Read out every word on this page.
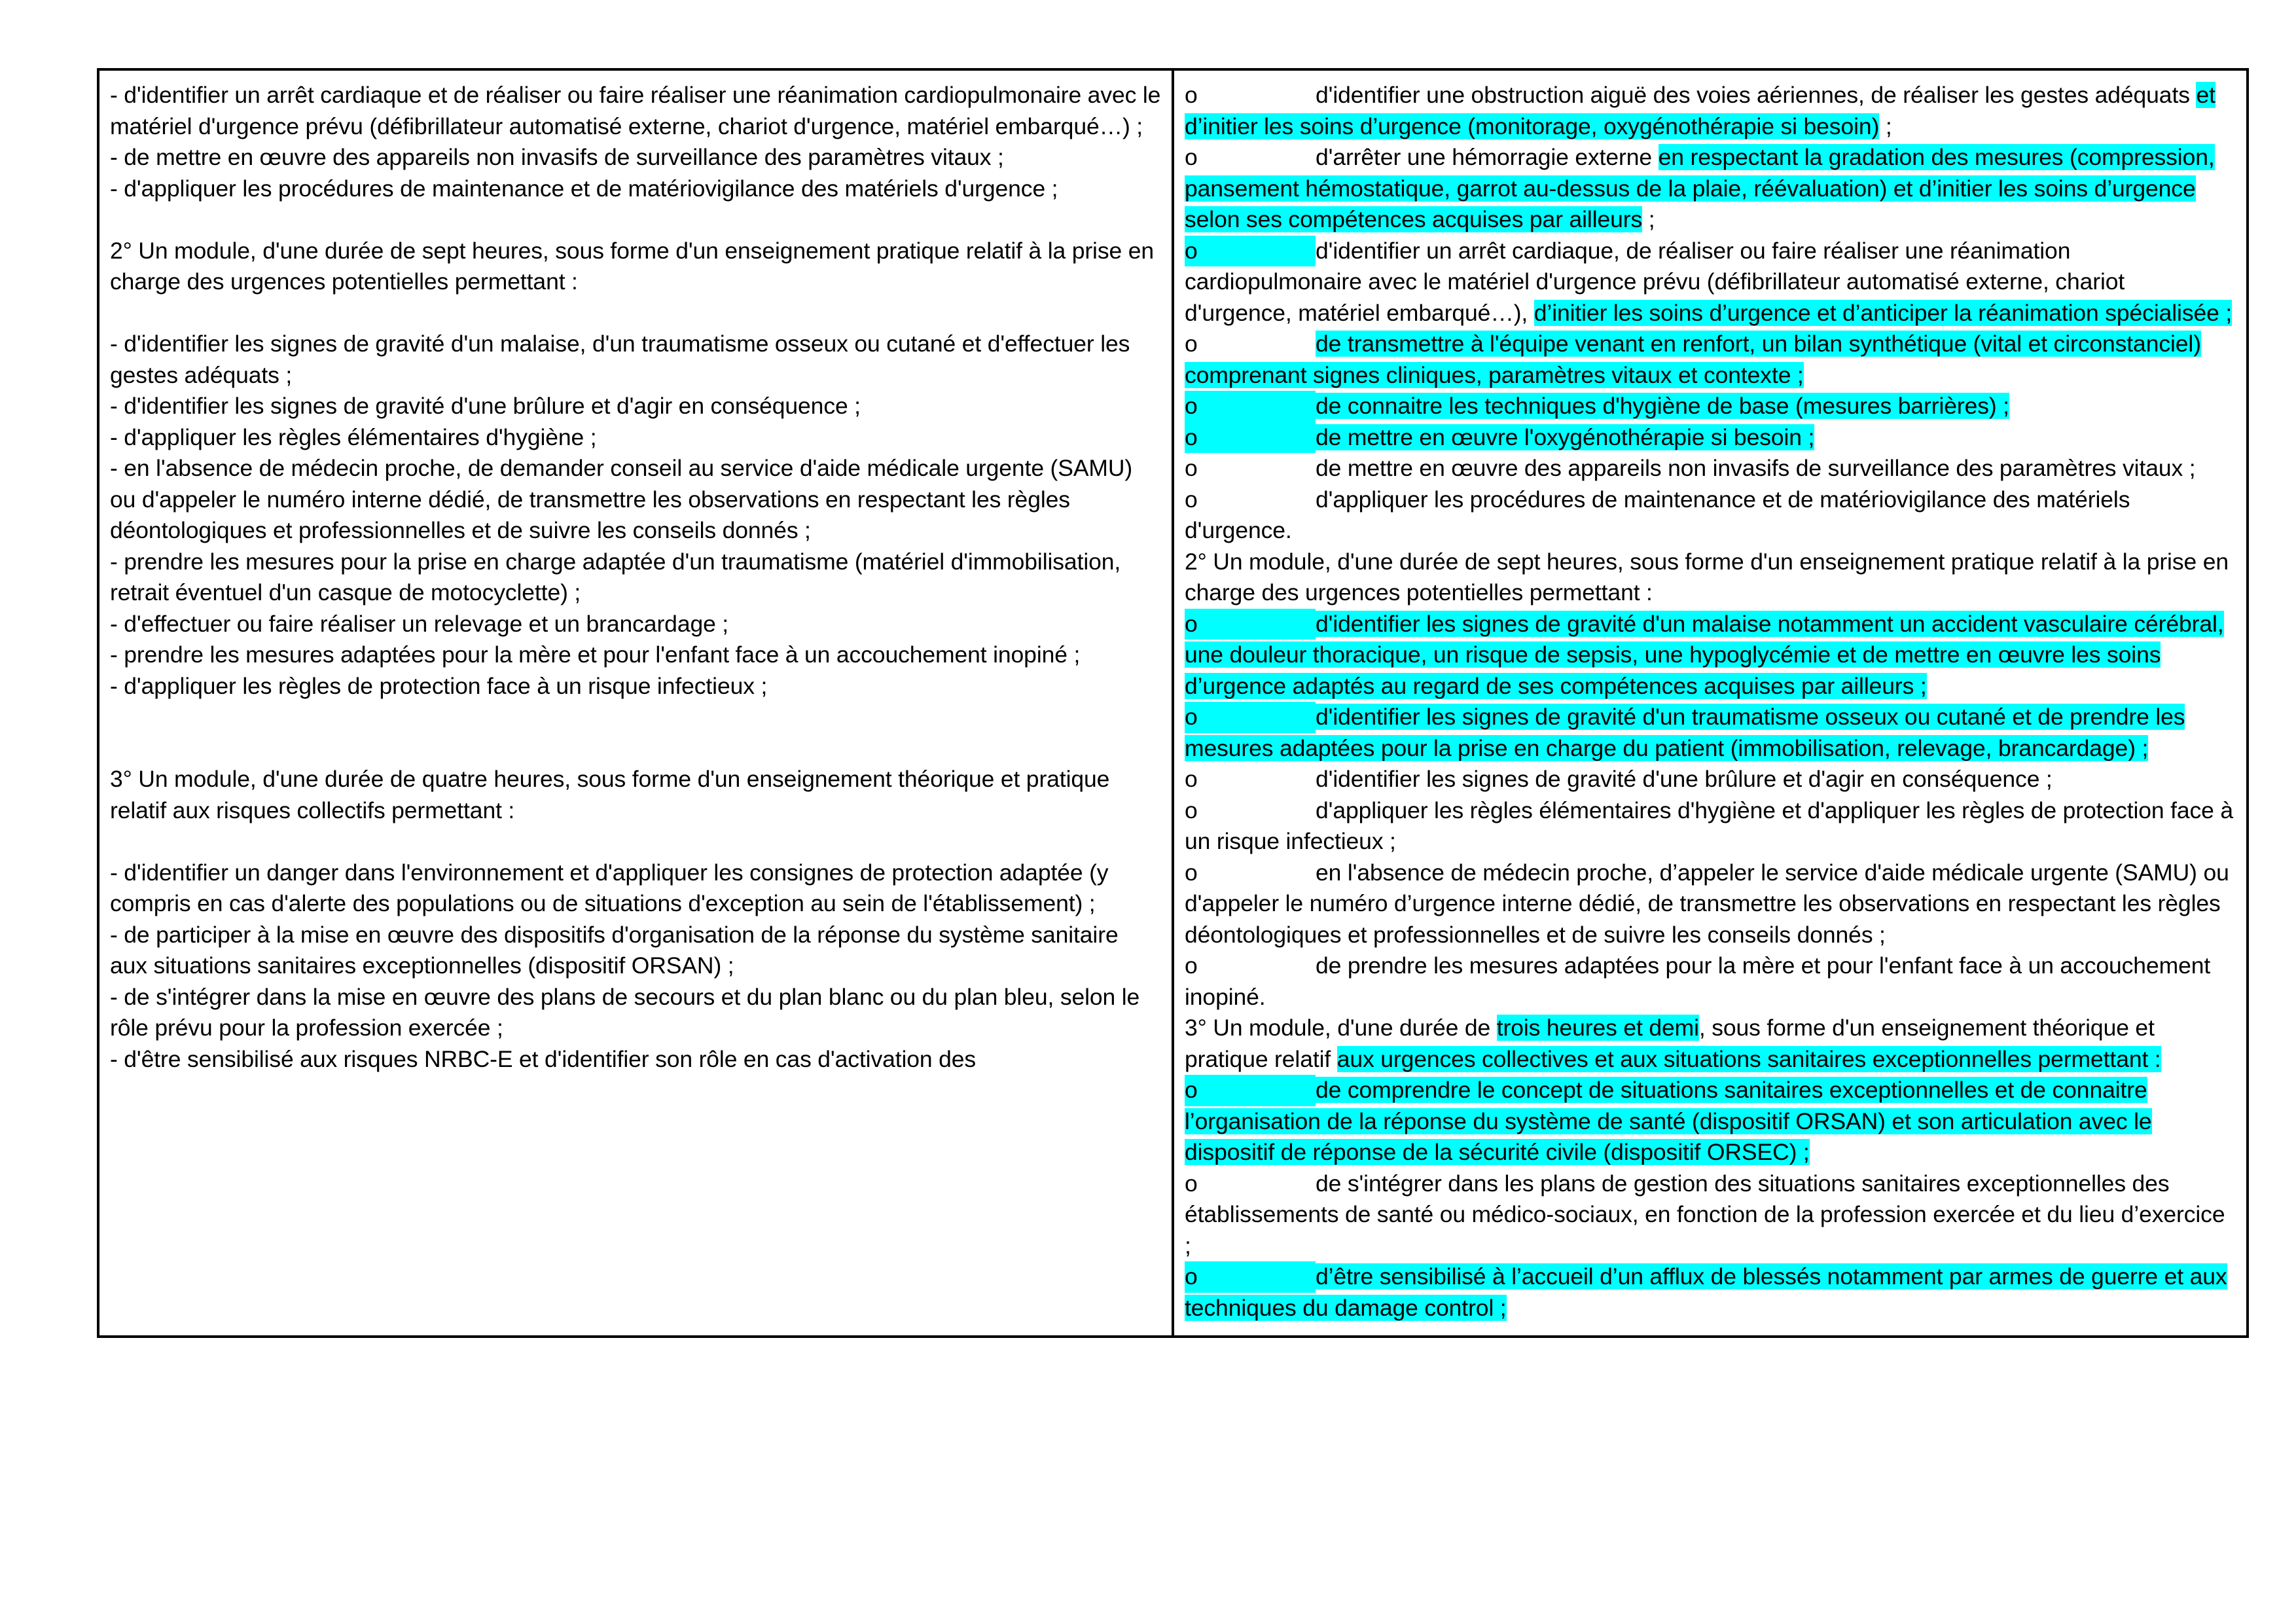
- d'identifier un arrêt cardiaque et de réaliser ou faire réaliser une réanimation cardiopulmonaire avec le matériel d'urgence prévu (défibrillateur automatisé externe, chariot d'urgence, matériel embarqué…) ;
- de mettre en œuvre des appareils non invasifs de surveillance des paramètres vitaux ;
- d'appliquer les procédures de maintenance et de matériovigilance des matériels d'urgence ;
2° Un module, d'une durée de sept heures, sous forme d'un enseignement pratique relatif à la prise en charge des urgences potentielles permettant :
- d'identifier les signes de gravité d'un malaise, d'un traumatisme osseux ou cutané et d'effectuer les gestes adéquats ;
- d'identifier les signes de gravité d'une brûlure et d'agir en conséquence ;
- d'appliquer les règles élémentaires d'hygiène ;
- en l'absence de médecin proche, de demander conseil au service d'aide médicale urgente (SAMU) ou d'appeler le numéro interne dédié, de transmettre les observations en respectant les règles déontologiques et professionnelles et de suivre les conseils donnés ;
- prendre les mesures pour la prise en charge adaptée d'un traumatisme (matériel d'immobilisation, retrait éventuel d'un casque de motocyclette) ;
- d'effectuer ou faire réaliser un relevage et un brancardage ;
- prendre les mesures adaptées pour la mère et pour l'enfant face à un accouchement inopiné ;
- d'appliquer les règles de protection face à un risque infectieux ;
3° Un module, d'une durée de quatre heures, sous forme d'un enseignement théorique et pratique relatif aux risques collectifs permettant :
- d'identifier un danger dans l'environnement et d'appliquer les consignes de protection adaptée (y compris en cas d'alerte des populations ou de situations d'exception au sein de l'établissement) ;
- de participer à la mise en œuvre des dispositifs d'organisation de la réponse du système sanitaire aux situations sanitaires exceptionnelles (dispositif ORSAN) ;
- de s'intégrer dans la mise en œuvre des plans de secours et du plan blanc ou du plan bleu, selon le rôle prévu pour la profession exercée ;
- d'être sensibilisé aux risques NRBC-E et d'identifier son rôle en cas d'activation des

o	d'identifier une obstruction aiguë des voies aériennes, de réaliser les gestes adéquats et d’initier les soins d’urgence (monitorage, oxygénothérapie si besoin) ;
o	d'arrêter une hémorragie externe en respectant la gradation des mesures (compression, pansement hémostatique, garrot au-dessus de la plaie, réévaluation) et d’initier les soins d’urgence selon ses compétences acquises par ailleurs ;
o	d'identifier un arrêt cardiaque, de réaliser ou faire réaliser une réanimation cardiopulmonaire avec le matériel d'urgence prévu (défibrillateur automatisé externe, chariot d'urgence, matériel embarqué…), d’initier les soins d’urgence et d’anticiper la réanimation spécialisée ;
o	de transmettre à l'équipe venant en renfort, un bilan synthétique (vital et circonstanciel) comprenant signes cliniques, paramètres vitaux et contexte ;
o	de connaitre les techniques d'hygiène de base (mesures barrières) ;
o	de mettre en œuvre l'oxygénothérapie si besoin ;
o	de mettre en œuvre des appareils non invasifs de surveillance des paramètres vitaux ;
o	d'appliquer les procédures de maintenance et de matériovigilance des matériels d'urgence.
2° Un module, d'une durée de sept heures, sous forme d'un enseignement pratique relatif à la prise en charge des urgences potentielles permettant :
o	d'identifier les signes de gravité d'un malaise notamment un accident vasculaire cérébral, une douleur thoracique, un risque de sepsis, une hypoglycémie et de mettre en œuvre les soins d’urgence adaptés au regard de ses compétences acquises par ailleurs ;
o	d'identifier les signes de gravité d'un traumatisme osseux ou cutané et de prendre les mesures adaptées pour la prise en charge du patient (immobilisation, relevage, brancardage) ;
o	d'identifier les signes de gravité d'une brûlure et d'agir en conséquence ;
o	d'appliquer les règles élémentaires d'hygiène et d'appliquer les règles de protection face à un risque infectieux ;
o	en l'absence de médecin proche, d’appeler le service d'aide médicale urgente (SAMU) ou d'appeler le numéro d’urgence interne dédié, de transmettre les observations en respectant les règles déontologiques et professionnelles et de suivre les conseils donnés ;
o	de prendre les mesures adaptées pour la mère et pour l'enfant face à un accouchement inopiné.
3° Un module, d'une durée de trois heures et demi, sous forme d'un enseignement théorique et pratique relatif aux urgences collectives et aux situations sanitaires exceptionnelles permettant :
o	de comprendre le concept de situations sanitaires exceptionnelles et de connaitre l’organisation de la réponse du système de santé (dispositif ORSAN) et son articulation avec le dispositif de réponse de la sécurité civile (dispositif ORSEC) ;
o	de s'intégrer dans les plans de gestion des situations sanitaires exceptionnelles des établissements de santé ou médico-sociaux, en fonction de la profession exercée et du lieu d’exercice ;
o	d’être sensibilisé à l’accueil d’un afflux de blessés notamment par armes de guerre et aux techniques du damage control ;
